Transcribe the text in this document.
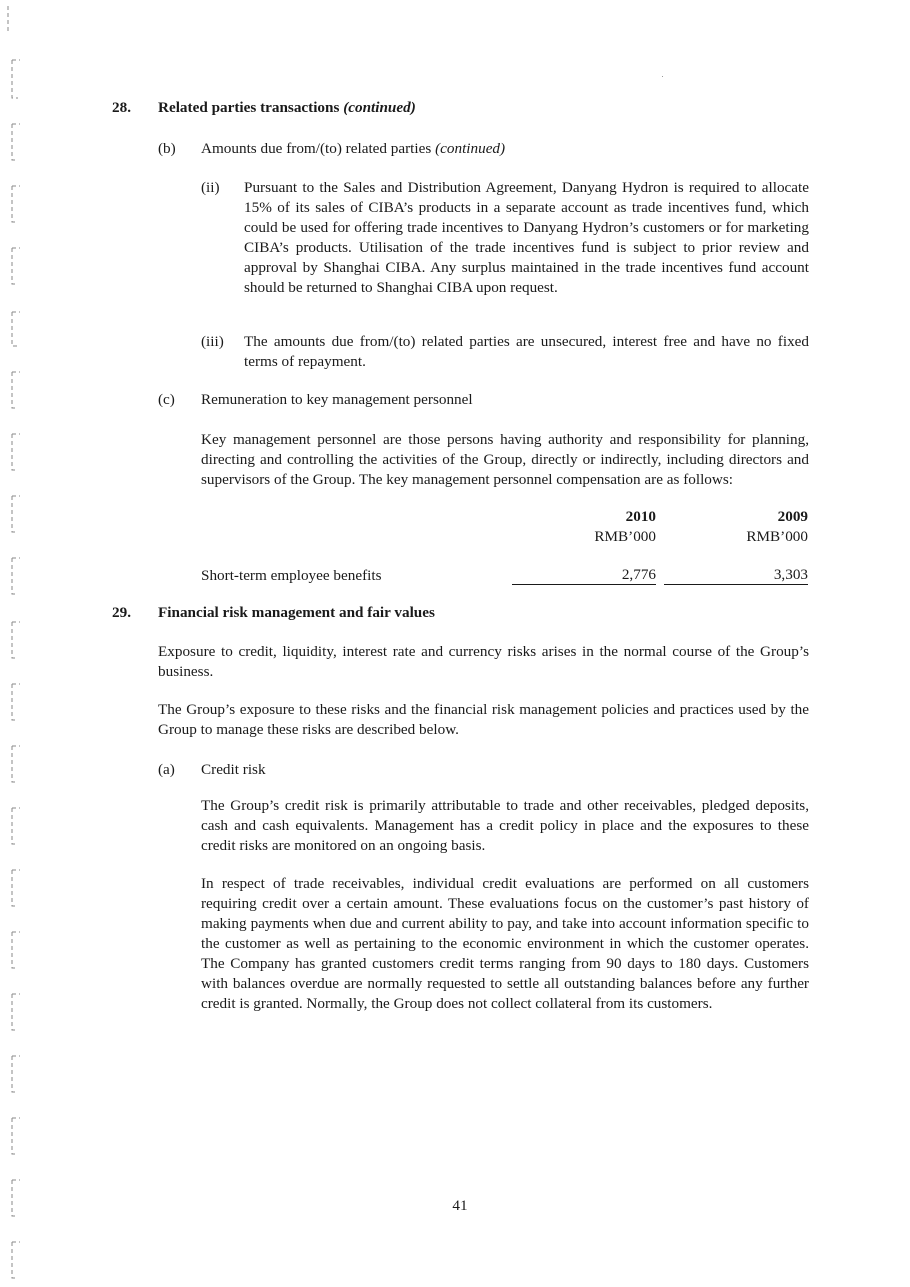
28. Related parties transactions (continued)
(b) Amounts due from/(to) related parties (continued)
(ii) Pursuant to the Sales and Distribution Agreement, Danyang Hydron is required to allocate 15% of its sales of CIBA’s products in a separate account as trade incentives fund, which could be used for offering trade incentives to Danyang Hydron’s customers or for marketing CIBA’s products. Utilisation of the trade incentives fund is subject to prior review and approval by Shanghai CIBA. Any surplus maintained in the trade incentives fund account should be returned to Shanghai CIBA upon request.
(iii) The amounts due from/(to) related parties are unsecured, interest free and have no fixed terms of repayment.
(c) Remuneration to key management personnel
Key management personnel are those persons having authority and responsibility for planning, directing and controlling the activities of the Group, directly or indirectly, including directors and supervisors of the Group. The key management personnel compensation are as follows:
2010	2009
RMB’000	RMB’000
Short-term employee benefits	2,776	3,303
29. Financial risk management and fair values
Exposure to credit, liquidity, interest rate and currency risks arises in the normal course of the Group’s business.
The Group’s exposure to these risks and the financial risk management policies and practices used by the Group to manage these risks are described below.
(a) Credit risk
The Group’s credit risk is primarily attributable to trade and other receivables, pledged deposits, cash and cash equivalents. Management has a credit policy in place and the exposures to these credit risks are monitored on an ongoing basis.
In respect of trade receivables, individual credit evaluations are performed on all customers requiring credit over a certain amount. These evaluations focus on the customer’s past history of making payments when due and current ability to pay, and take into account information specific to the customer as well as pertaining to the economic environment in which the customer operates. The Company has granted customers credit terms ranging from 90 days to 180 days. Customers with balances overdue are normally requested to settle all outstanding balances before any further credit is granted. Normally, the Group does not collect collateral from its customers.
41
